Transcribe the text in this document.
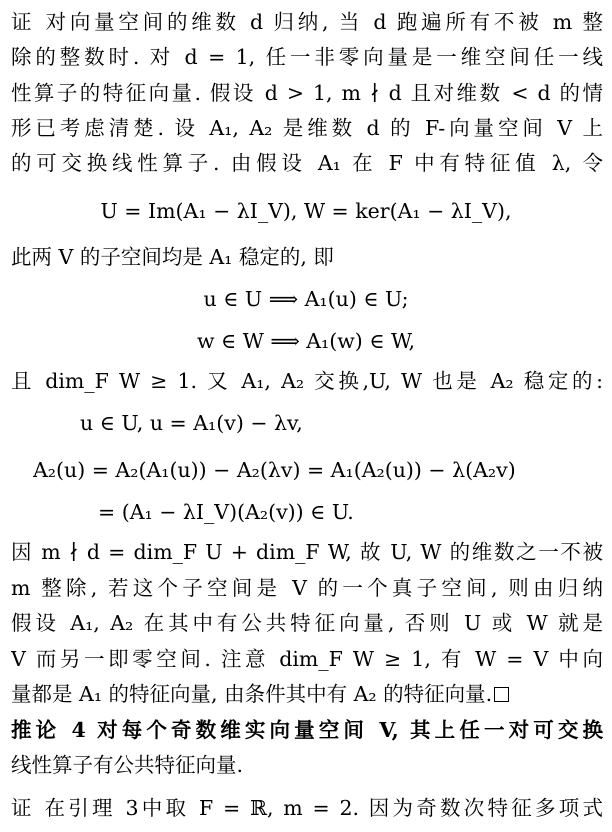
证 对向量空间的维数 d 归纳, 当 d 跑遍所有不被 m 整
除的整数时. 对 d = 1, 任一非零向量是一维空间任一线
性算子的特征向量. 假设 d > 1, m ∤ d 且对维数 < d 的情
形已考虑清楚. 设 A₁, A₂ 是维数 d 的 F-向量空间 V 上
的可交换线性算子. 由假设 A₁ 在 F 中有特征值 λ, 令
U = Im(A₁ − λI_V), W = ker(A₁ − λI_V),
此两 V 的子空间均是 A₁ 稳定的, 即
u ∈ U ⟹ A₁(u) ∈ U;
w ∈ W ⟹ A₁(w) ∈ W,
且 dim_F W ≥ 1. 又 A₁, A₂ 交换,U, W 也是 A₂ 稳定的:
u ∈ U, u = A₁(v) − λv,
A₂(u) = A₂(A₁(u)) − A₂(λv) = A₁(A₂(u)) − λ(A₂v)
= (A₁ − λI_V)(A₂(v)) ∈ U.
因 m ∤ d = dim_F U + dim_F W, 故 U, W 的维数之一不被
m 整除, 若这个子空间是 V 的一个真子空间, 则由归纳
假设 A₁, A₂ 在其中有公共特征向量, 否则 U 或 W 就是
V 而另一即零空间. 注意 dim_F W ≥ 1, 有 W = V 中向
量都是 A₁ 的特征向量, 由条件其中有 A₂ 的特征向量.
推论 4 对每个奇数维实向量空间 V, 其上任一对可交换
线性算子有公共特征向量.
证 在引理 3中取 F = ℝ, m = 2. 因为奇数次特征多项式
